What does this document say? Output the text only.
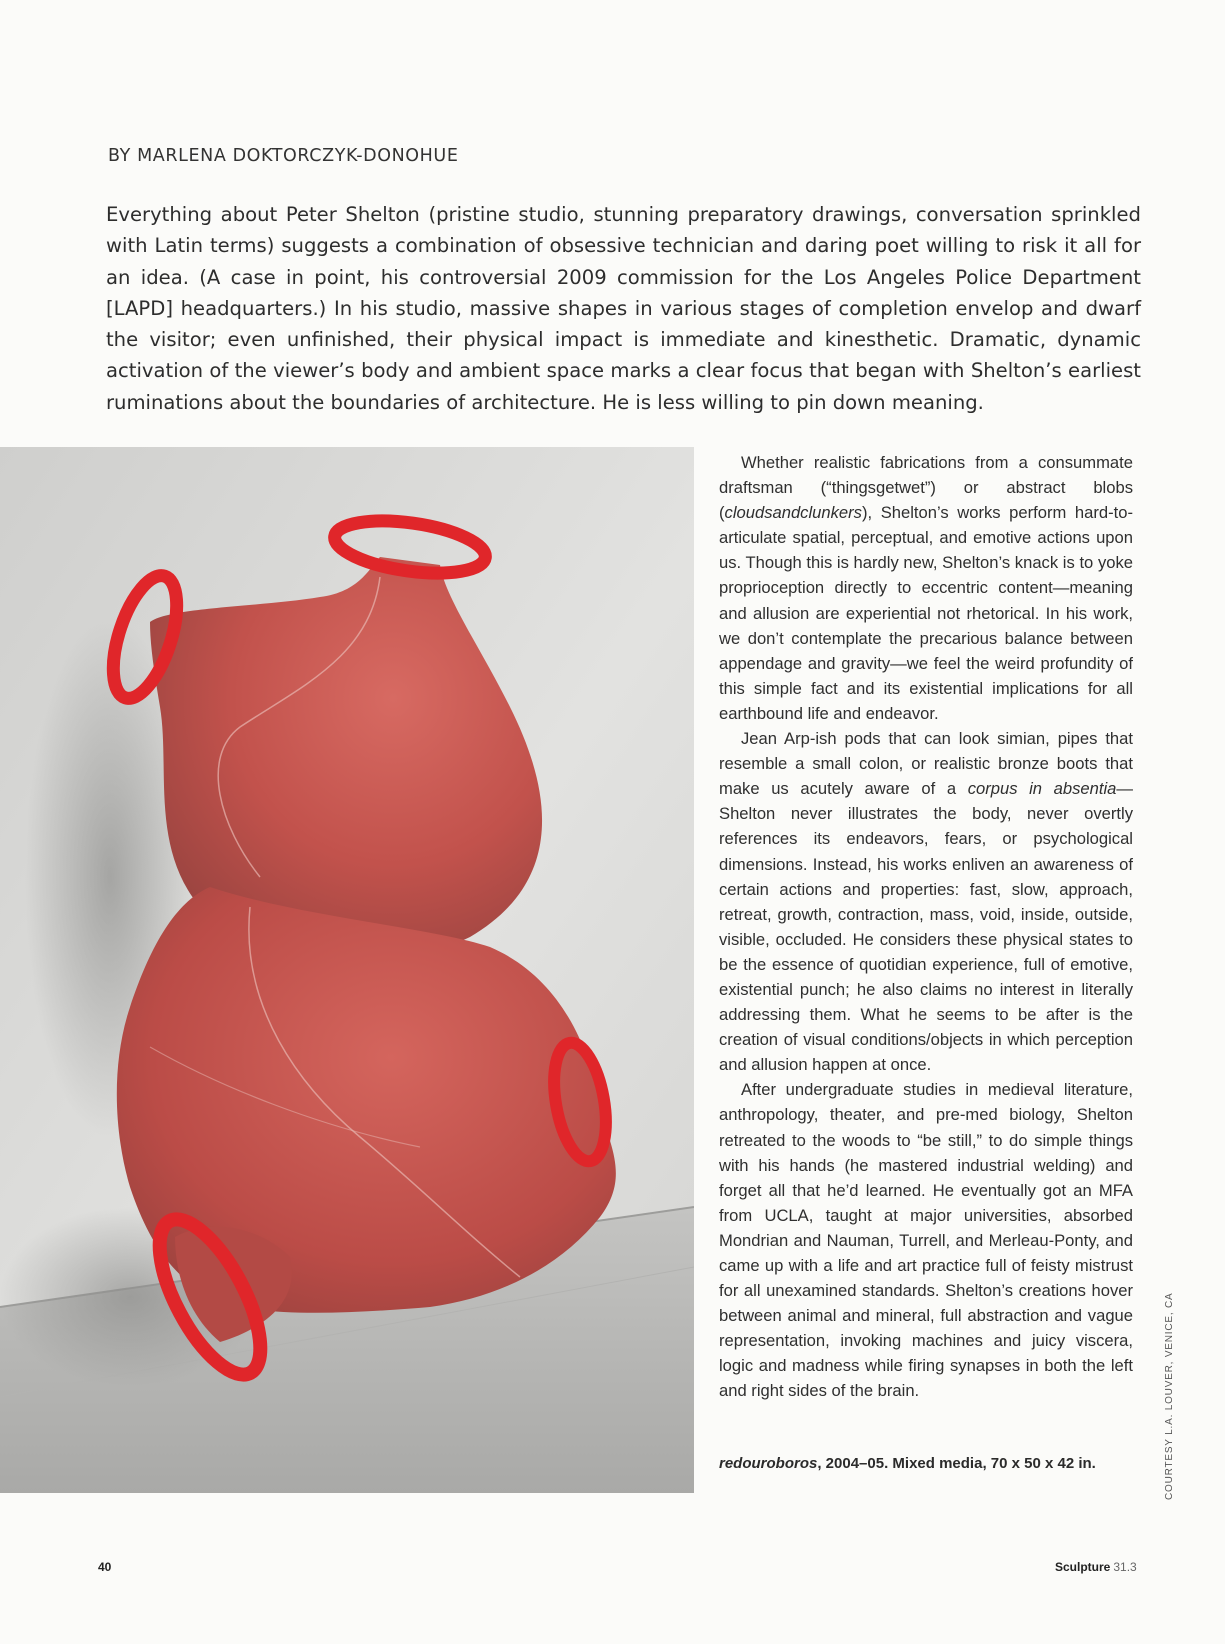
BY MARLENA DOKTORCZYK-DONOHUE

Everything about Peter Shelton (pristine studio, stunning preparatory drawings, conversation sprinkled with Latin terms) suggests a combination of obsessive technician and daring poet willing to risk it all for an idea. (A case in point, his controversial 2009 commission for the Los Angeles Police Department [LAPD] headquarters.) In his studio, massive shapes in various stages of completion envelop and dwarf the visitor; even unfinished, their physical impact is immediate and kinesthetic. Dramatic, dynamic activation of the viewer’s body and ambient space marks a clear focus that began with Shelton’s earliest ruminations about the boundaries of architecture. He is less willing to pin down meaning.

Whether realistic fabrications from a consummate draftsman (“thingsgetwet”) or abstract blobs (cloudsandclunkers), Shelton’s works perform hard-to-articulate spatial, perceptual, and emotive actions upon us. Though this is hardly new, Shelton’s knack is to yoke proprioception directly to eccentric content—meaning and allusion are experiential not rhetorical. In his work, we don’t contemplate the precarious balance between appendage and gravity—we feel the weird profundity of this simple fact and its existential implications for all earthbound life and endeavor.

Jean Arp-ish pods that can look simian, pipes that resemble a small colon, or realistic bronze boots that make us acutely aware of a corpus in absentia—Shelton never illustrates the body, never overtly references its endeavors, fears, or psychological dimensions. Instead, his works enliven an awareness of certain actions and properties: fast, slow, approach, retreat, growth, contraction, mass, void, inside, outside, visible, occluded. He considers these physical states to be the essence of quotidian experience, full of emotive, existential punch; he also claims no interest in literally addressing them. What he seems to be after is the creation of visual conditions/objects in which perception and allusion happen at once.

After undergraduate studies in medieval literature, anthropology, theater, and pre-med biology, Shelton retreated to the woods to “be still,” to do simple things with his hands (he mastered industrial welding) and forget all that he’d learned. He eventually got an MFA from UCLA, taught at major universities, absorbed Mondrian and Nauman, Turrell, and Merleau-Ponty, and came up with a life and art practice full of feisty mistrust for all unexamined standards. Shelton’s creations hover between animal and mineral, full abstraction and vague representation, invoking machines and juicy viscera, logic and madness while firing synapses in both the left and right sides of the brain.

redouroboros, 2004–05. Mixed media, 70 x 50 x 42 in.	COURTESY L.A. LOUVER, VENICE, CA
40	Sculpture 31.3
